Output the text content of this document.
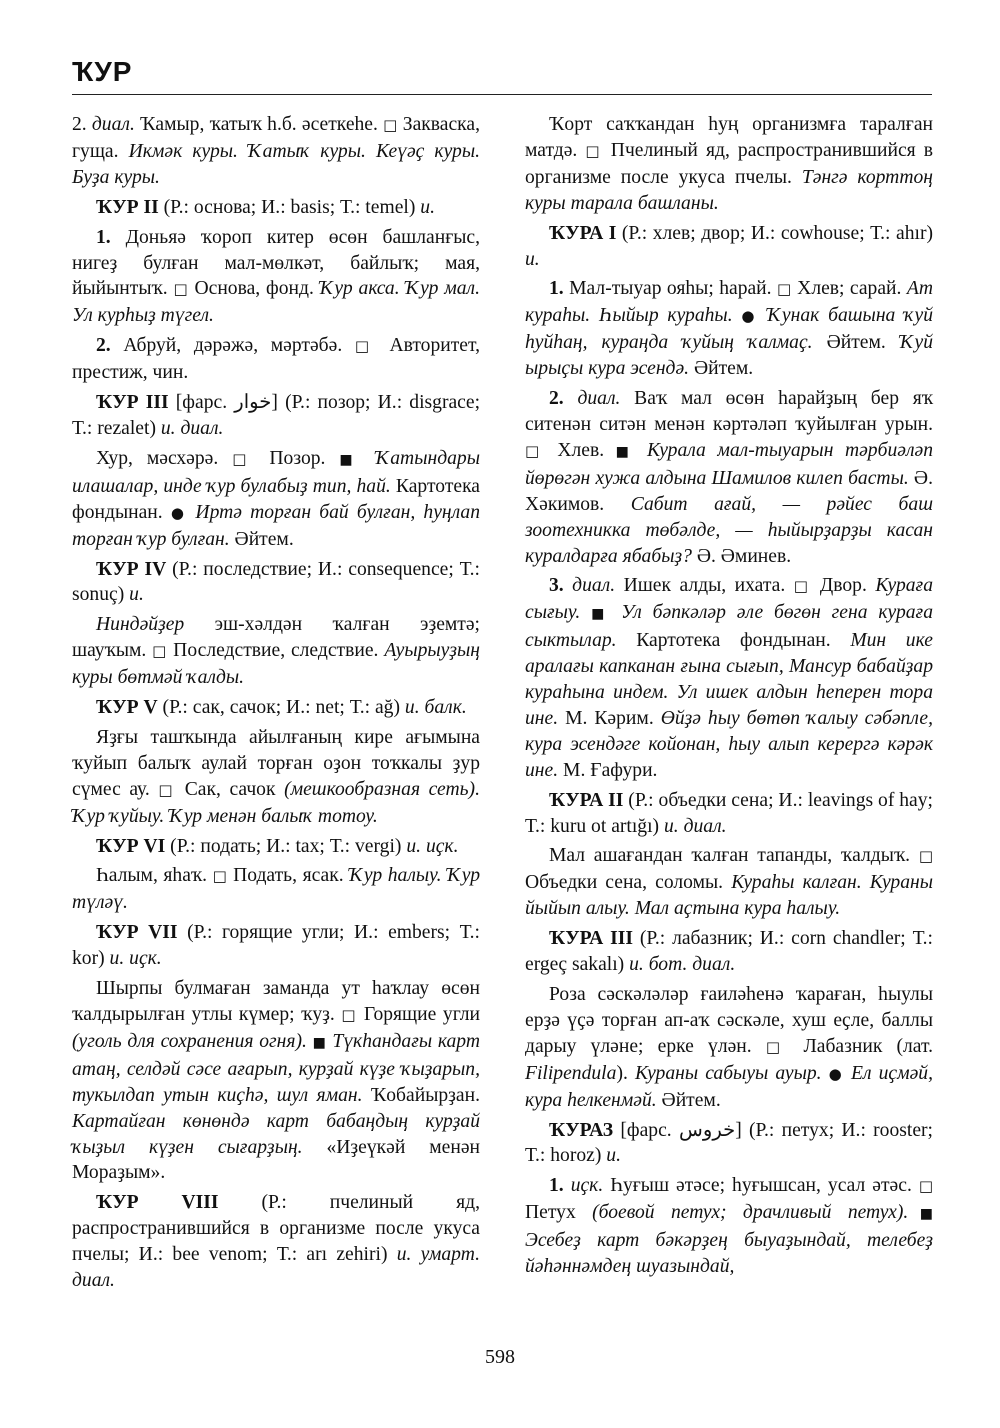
ҠУР

2. диал. Ҡамыр, ҡатыҡ һ.б. әсеткеһе. □ Закваска, гуща. Икмәк куры. Ҡатыҡ куры. Кеүәҫ куры. Буҙа куры.

ҠУР II (Р.: основа; И.: basis; Т.: temel) и.

1. Доньяә ҡороп китер өсөн башланғыс, нигеҙ булған мал-мөлкәт, байлыҡ; мая, йыйынтыҡ. □ Основа, фонд. Ҡур акса. Ҡур мал. Ул курһыҙ түгел.

2. Абруй, дәрәжә, мәртәбә. □ Авторитет, престиж, чин.

ҠУР III [фарс. خوار] (Р.: позор; И.: disgrace; Т.: rezalet) и. диал.

Хур, мәсхәрә. □ Позор. ■ Ҡатындары илашалар, инде ҡур булабыҙ тип, һай. Картотека фондынан. ● Иртә торған бай булған, һуңлап торған ҡур булған. Әйтем.

ҠУР IV (Р.: последствие; И.: consequence; Т.: sonuç) и.

Ниндәйҙер эш-хәлдән ҡалған эҙемтә; шауҡым. □ Последствие, следствие. Ауырыуҙың куры бөтмәй ҡалды.

ҠУР V (Р.: сак, сачок; И.: net; Т.: ağ) и. балк.

Яҙғы ташҡында айылғаның кире ағымына ҡуйып балыҡ аулай торған оҙон тоҡкалы ҙур сүмес ау. □ Сак, сачок (мешкообразная сеть). Ҡур ҡуйыу. Ҡур менән балыҡ тотоу.

ҠУР VI (Р.: подать; И.: tax; Т.: vergi) и. иҫк.

Һалым, яһаҡ. □ Подать, ясак. Ҡур һалыу. Ҡур түләү.

ҠУР VII (Р.: горящие угли; И.: embers; Т.: kor) и. иҫк.

Шырпы булмаған заманда ут һаҡлау өсөн ҡалдырылған утлы күмер; ҡуҙ. □ Горящие угли (уголь для сохранения огня). ■ Түкһандағы карт атаң, селдәй сәсе ағарып, курҙай күҙе ҡыҙарып, тукылдап утын киҫһә, шул яман. Ҡобайырҙан. Картайған көнөндә карт бабаңдың курҙай ҡыҙыл күҙен сығарҙың. «Иҙеүкәй менән Мораҙым».

ҠУР VIII (Р.: пчелиный яд, распространившийся в организме после укуса пчелы; И.: bee venom; Т.: arı zehiri) и. умарт. диал.

Ҡорт саҡҡандан һуң организмға таралған матдә. □ Пчелиный яд, распространившийся в организме после укуса пчелы. Тәнгә корттоң куры тарала башланы.

ҠУРА I (Р.: хлев; двор; И.: cowhouse; Т.: ahır) и.

1. Мал-тыуар ояһы; һарай. □ Хлев; сарай. Ат кураһы. Һыйыр кураһы. ● Ҡунак башына ҡуй һуйһаң, кураңда ҡуйың ҡалмаҫ. Әйтем. Ҡуй ырыҫы кура эсендә. Әйтем.

2. диал. Ваҡ мал өсөн һарайҙың бер яҡ ситенән ситән менән кәртәләп ҡуйылған урын. □ Хлев. ■ Курала мал-тыуарын тәрбиәләп йөрөгән хужа алдына Шамилов килеп басты. Ә. Хәкимов. Сабит ағай, — рәйес баш зоотехникка төбәлде, — һыйырҙарҙы касан куралдарға ябабыҙ? Ә. Әминев.

3. диал. Ишек алды, ихата. □ Двор. Кураға сығыу. ■ Ул бәпкәләр әле бөгөн гена кураға сыктылар. Картотека фондынан. Мин ике аралағы капканан ғына сығып, Мансур бабайҙар кураһына индем. Ул ишек алдын һеперен тора ине. М. Кәрим. Өйҙә һыу бөтөп ҡалыу сәбәпле, кура эсендәге койонан, һыу алып керергә кәрәк ине. М. Ғафури.

ҠУРА II (Р.: объедки сена; И.: leavings of hay; Т.: kuru ot artığı) и. диал.

Мал ашағандан ҡалған тапанды, ҡалдыҡ. □ Объедки сена, соломы. Кураһы калған. Кураны йыйып алыу. Мал аҫтына кура һалыу.

ҠУРА III (Р.: лабазник; И.: corn chandler; Т.: ergeç sakalı) и. бот. диал.

Роза сәскәләләр ғаиләһенә ҡараған, һыулы ерҙә үҫә торған ап-аҡ сәскәле, хуш еҫле, баллы дарыу үләне; ерке үлән. □ Лабазник (лат. Filipendula). Кураны сабыуы ауыр. ● Ел иҫмәй, кура һелкенмәй. Әйтем.

ҠУРАЗ [фарс. خروس] (Р.: петух; И.: rooster; Т.: horoz) и.

1. иҫк. Һуғыш әтәсе; һуғышсан, усал әтәс. □ Петух (боевой петух; драчливый петух).■ Эсебеҙ карт бәкәрҙең быуаҙындай, телебеҙ йәһәннәмдең шуазындай,

598
